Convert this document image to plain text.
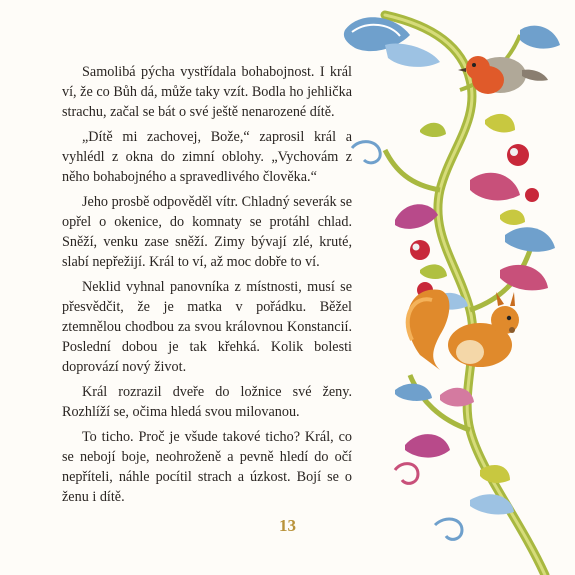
Samolibá pýcha vystřídala bohabojnost. I král ví, že co Bůh dá, může taky vzít. Bodla ho jehlička strachu, začal se bát o své ještě nenarozené dítě.

„Dítě mi zachovej, Bože,“ zaprosil král a vyhlédl z okna do zimní oblohy. „Vychovám z něho bohabojného a spravedlivého člověka.“

Jeho prosbě odpověděl vítr. Chladný severák se opřel o okenice, do komnaty se protáhl chlad. Sněží, venku zase sněží. Zimy bývají zlé, kruté, slabí nepřežijí. Král to ví, až moc dobře to ví.

Neklid vyhnal panovníka z místnosti, musí se přesvědčit, že je matka v pořádku. Běžel ztemnělou chodbou za svou královnou Konstancií. Poslední dobou je tak křehká. Kolik bolesti doprovází nový život.

Král rozrazil dveře do ložnice své ženy. Rozhlíží se, očima hledá svou milovanou.

To ticho. Proč je všude takové ticho? Král, co se nebojí boje, neohroženě a pevně hledí do očí nepříteli, náhle pocítil strach a úzkost. Bojí se o ženu i dítě.

13
